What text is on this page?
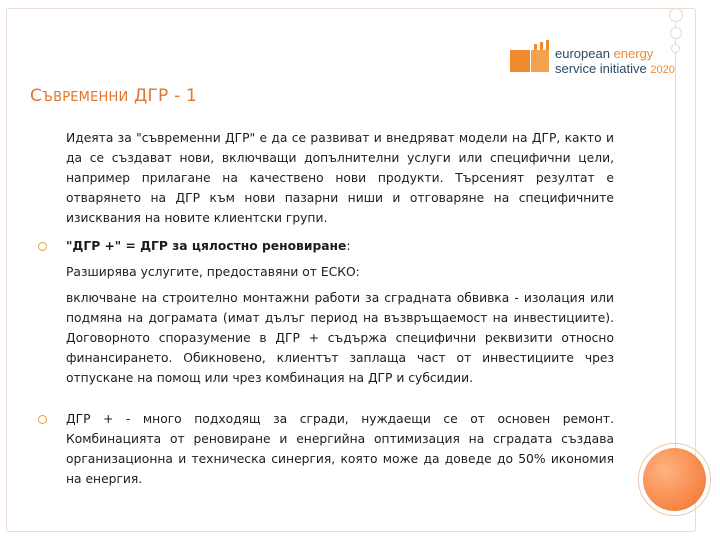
european energy
service initiative 2020
СЪВРЕМЕННИ ДГР - 1
Идеята за "съвременни ДГР" е да се развиват и внедряват модели на ДГР, както и да се създават нови, включващи допълнителни услуги или специфични цели, например прилагане на качествено нови продукти. Търсеният резултат е отварянето на ДГР към нови пазарни ниши и отговаряне на специфичните изисквания на новите клиентски групи.
"ДГР +" = ДГР за цялостно реновиране:
Разширява услугите, предоставяни от ЕСКО:
включване на строително монтажни работи за сградната обвивка - изолация или подмяна на дограмата (имат дълъг период на възвръщаемост на инвестициите). Договорното споразумение в ДГР + съдържа специфични реквизити относно финансирането. Обикновено, клиентът заплаща част от инвестициите чрез отпускане на помощ или чрез комбинация на ДГР и субсидии.
ДГР + - много подходящ за сгради, нуждаещи се от основен ремонт. Комбинацията от реновиране и енергийна оптимизация на сградата създава организационна и техническа синергия, която може да доведе до 50% икономия на енергия.
